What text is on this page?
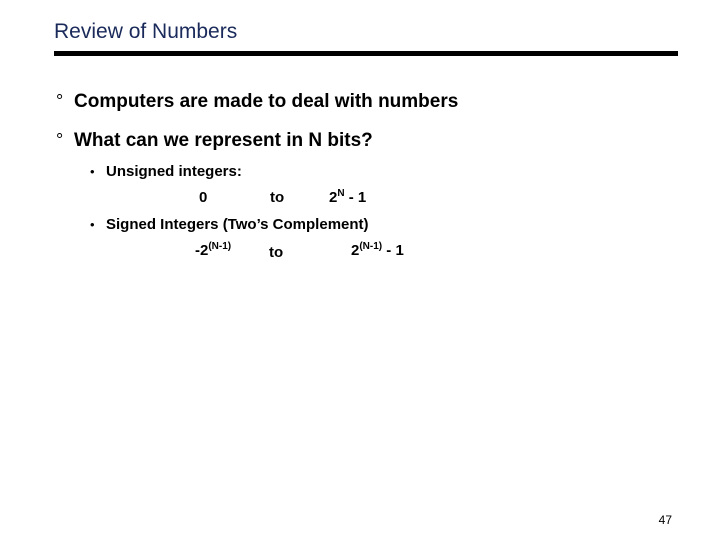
Review of Numbers
° Computers are made to deal with numbers
° What can we represent in N bits?
• Unsigned integers:
0	to	$2^N - 1$
• Signed Integers (Two’s Complement)
$-2^{(N-1)}$	to	$2^{(N-1)} - 1$
47
